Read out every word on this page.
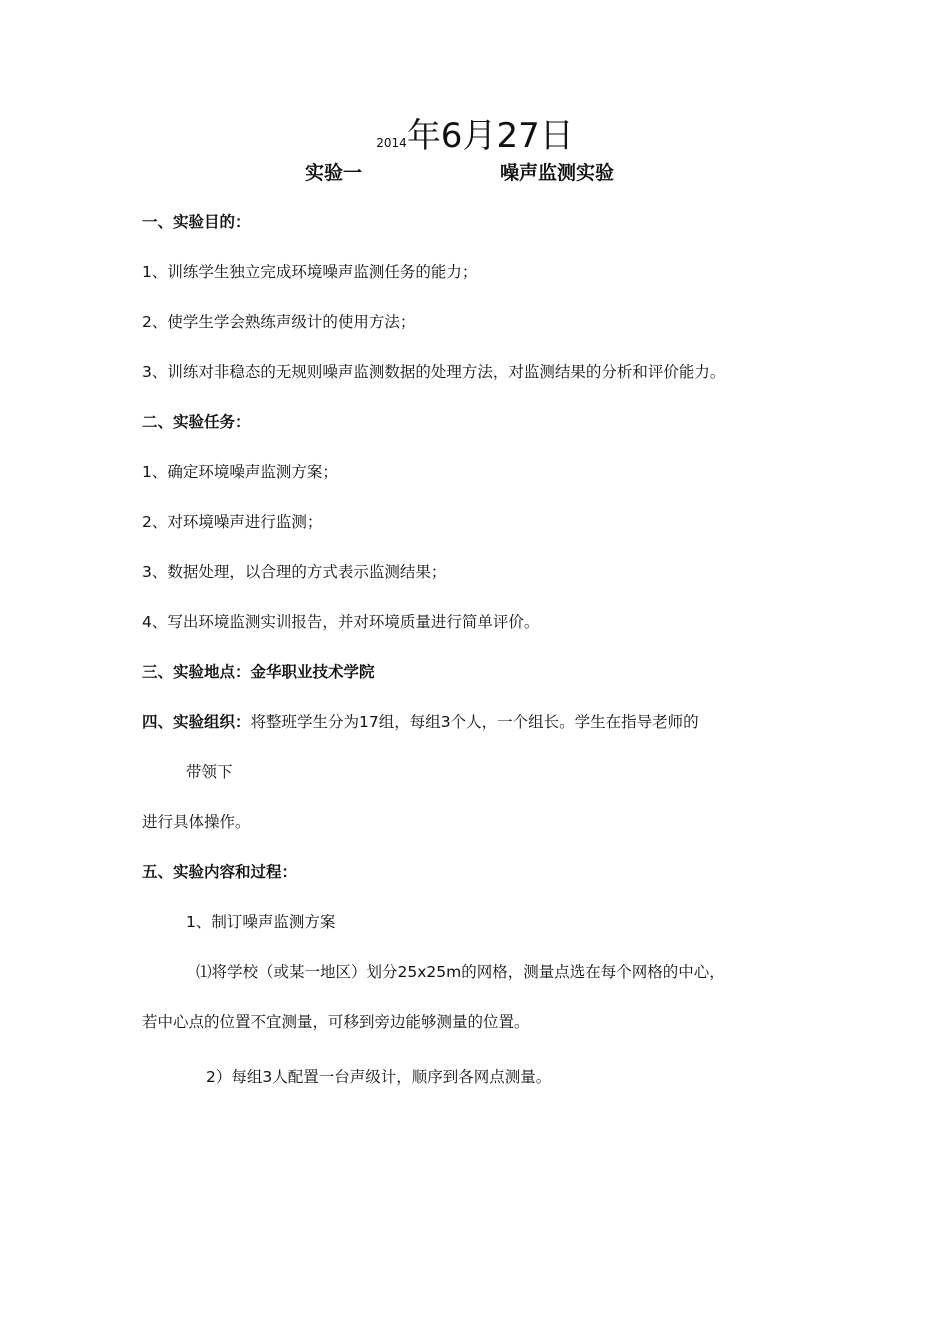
2014年6月27日
实验一	噪声监测实验
一、实验目的：
1、训练学生独立完成环境噪声监测任务的能力；
2、使学生学会熟练声级计的使用方法；
3、训练对非稳态的无规则噪声监测数据的处理方法，对监测结果的分析和评价能力。
二、实验任务：
1、确定环境噪声监测方案；
2、对环境噪声进行监测；
3、数据处理，以合理的方式表示监测结果；
4、写出环境监测实训报告，并对环境质量进行简单评价。
三、实验地点：金华职业技术学院
四、实验组织：将整班学生分为17组，每组3个人，一个组长。学生在指导老师的
带领下
进行具体操作。
五、实验内容和过程：
1、制订噪声监测方案
⑴将学校（或某一地区）划分25x25m的网格，测量点选在每个网格的中心，
若中心点的位置不宜测量，可移到旁边能够测量的位置。
2）每组3人配置一台声级计，顺序到各网点测量。
